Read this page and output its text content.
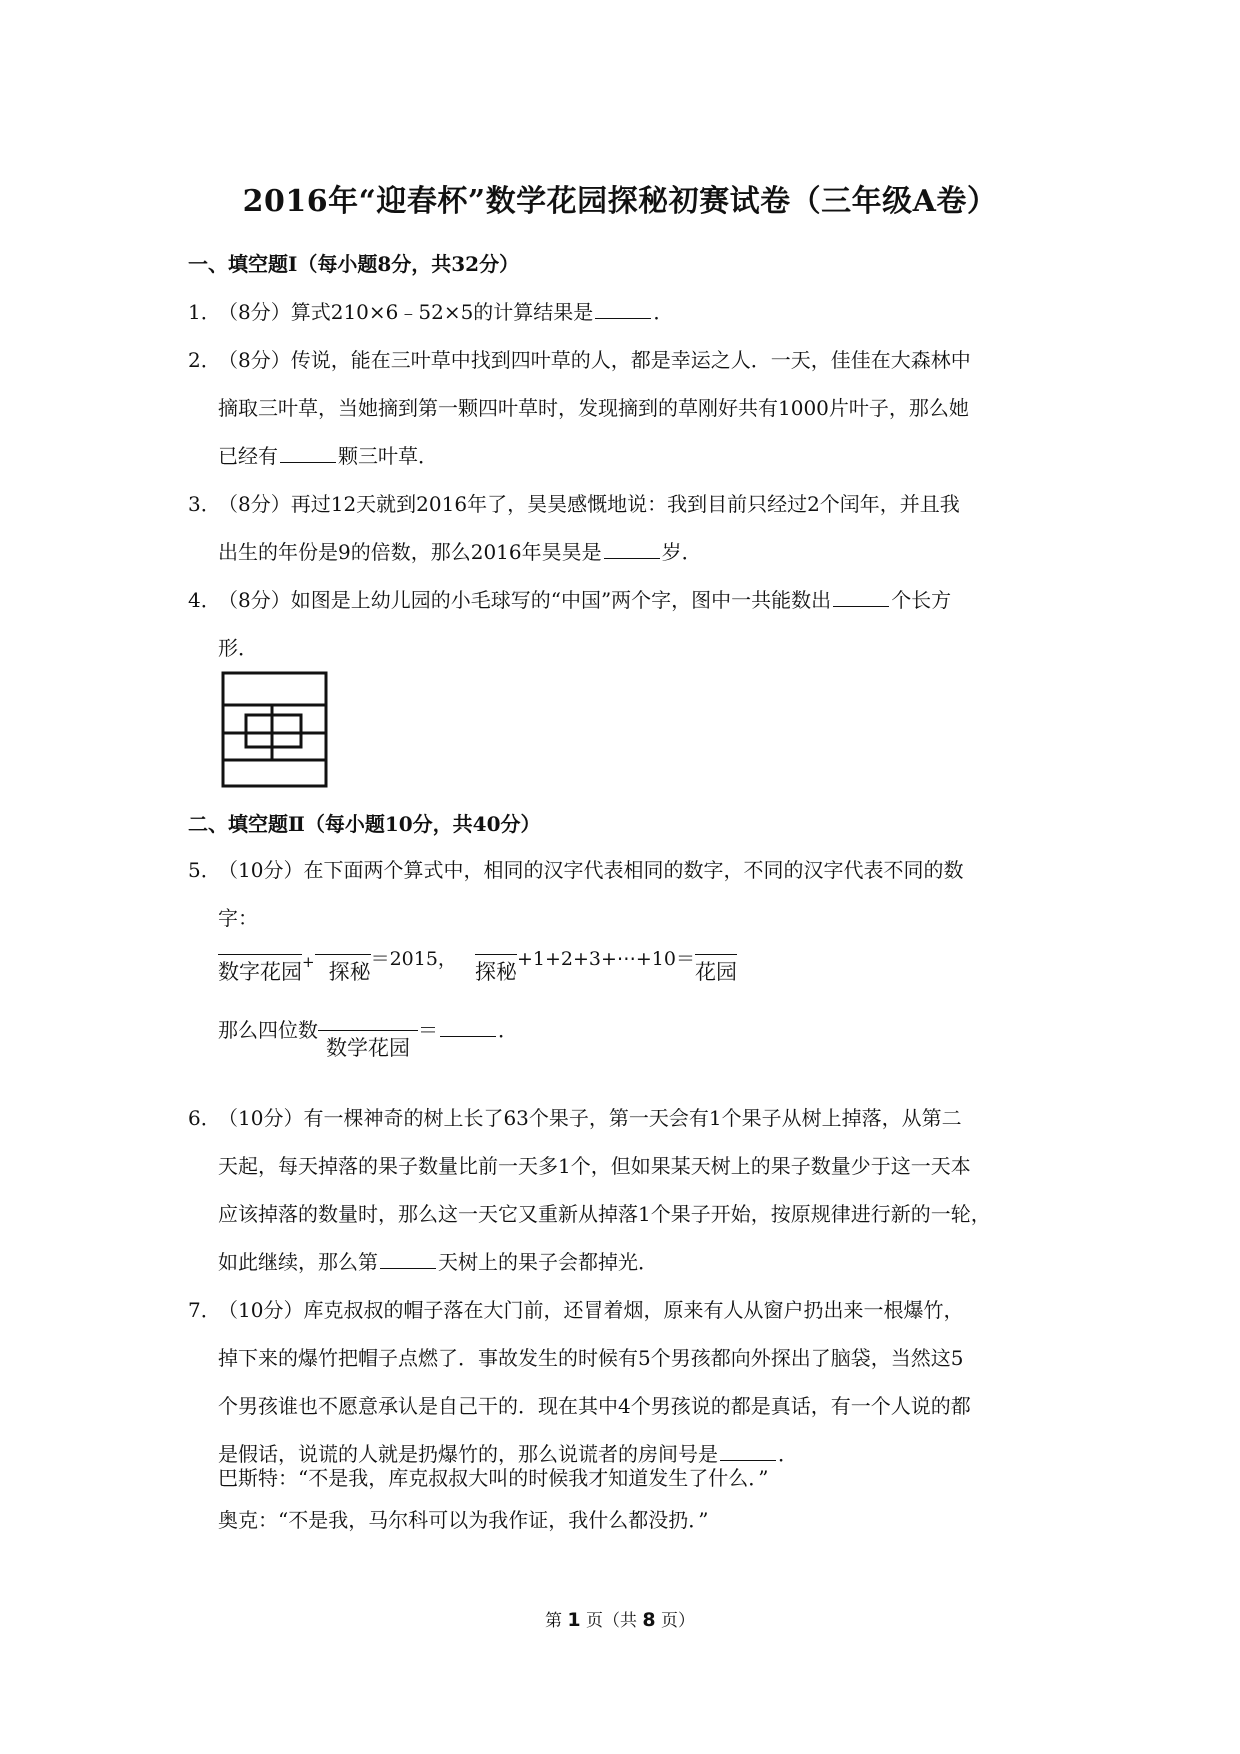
2016年“迎春杯”数学花园探秘初赛试卷（三年级A卷）
一、填空题Ⅰ（每小题8分，共32分）
1．（8分）算式210×6﹣52×5的计算结果是	．
2．（8分）传说，能在三叶草中找到四叶草的人，都是幸运之人．一天，佳佳在大森林中
摘取三叶草，当她摘到第一颗四叶草时，发现摘到的草刚好共有1000片叶子，那么她
已经有	颗三叶草．
3．（8分）再过12天就到2016年了，昊昊感慨地说：我到目前只经过2个闰年，并且我
出生的年份是9的倍数，那么2016年昊昊是	岁．
4．（8分）如图是上幼儿园的小毛球写的“中国”两个字，图中一共能数出	个长方
形．
二、填空题Ⅱ（每小题10分，共40分）
5．（10分）在下面两个算式中，相同的汉字代表相同的数字，不同的汉字代表不同的数
字：
数字花园+ 探秘＝2015，探秘+1+2+3+⋯+10＝花园
那么四位数数学花园＝	．
6．（10分）有一棵神奇的树上长了63个果子，第一天会有1个果子从树上掉落，从第二
天起，每天掉落的果子数量比前一天多1个，但如果某天树上的果子数量少于这一天本
应该掉落的数量时，那么这一天它又重新从掉落1个果子开始，按原规律进行新的一轮，
如此继续，那么第	天树上的果子会都掉光．
7．（10分）库克叔叔的帽子落在大门前，还冒着烟，原来有人从窗户扔出来一根爆竹，
掉下来的爆竹把帽子点燃了．事故发生的时候有5个男孩都向外探出了脑袋，当然这5
个男孩谁也不愿意承认是自己干的．现在其中4个男孩说的都是真话，有一个人说的都
是假话，说谎的人就是扔爆竹的，那么说谎者的房间号是	．
巴斯特：“不是我，库克叔叔大叫的时候我才知道发生了什么．”
奥克：“不是我，马尔科可以为我作证，我什么都没扔．”
第 1 页（共 8 页）
